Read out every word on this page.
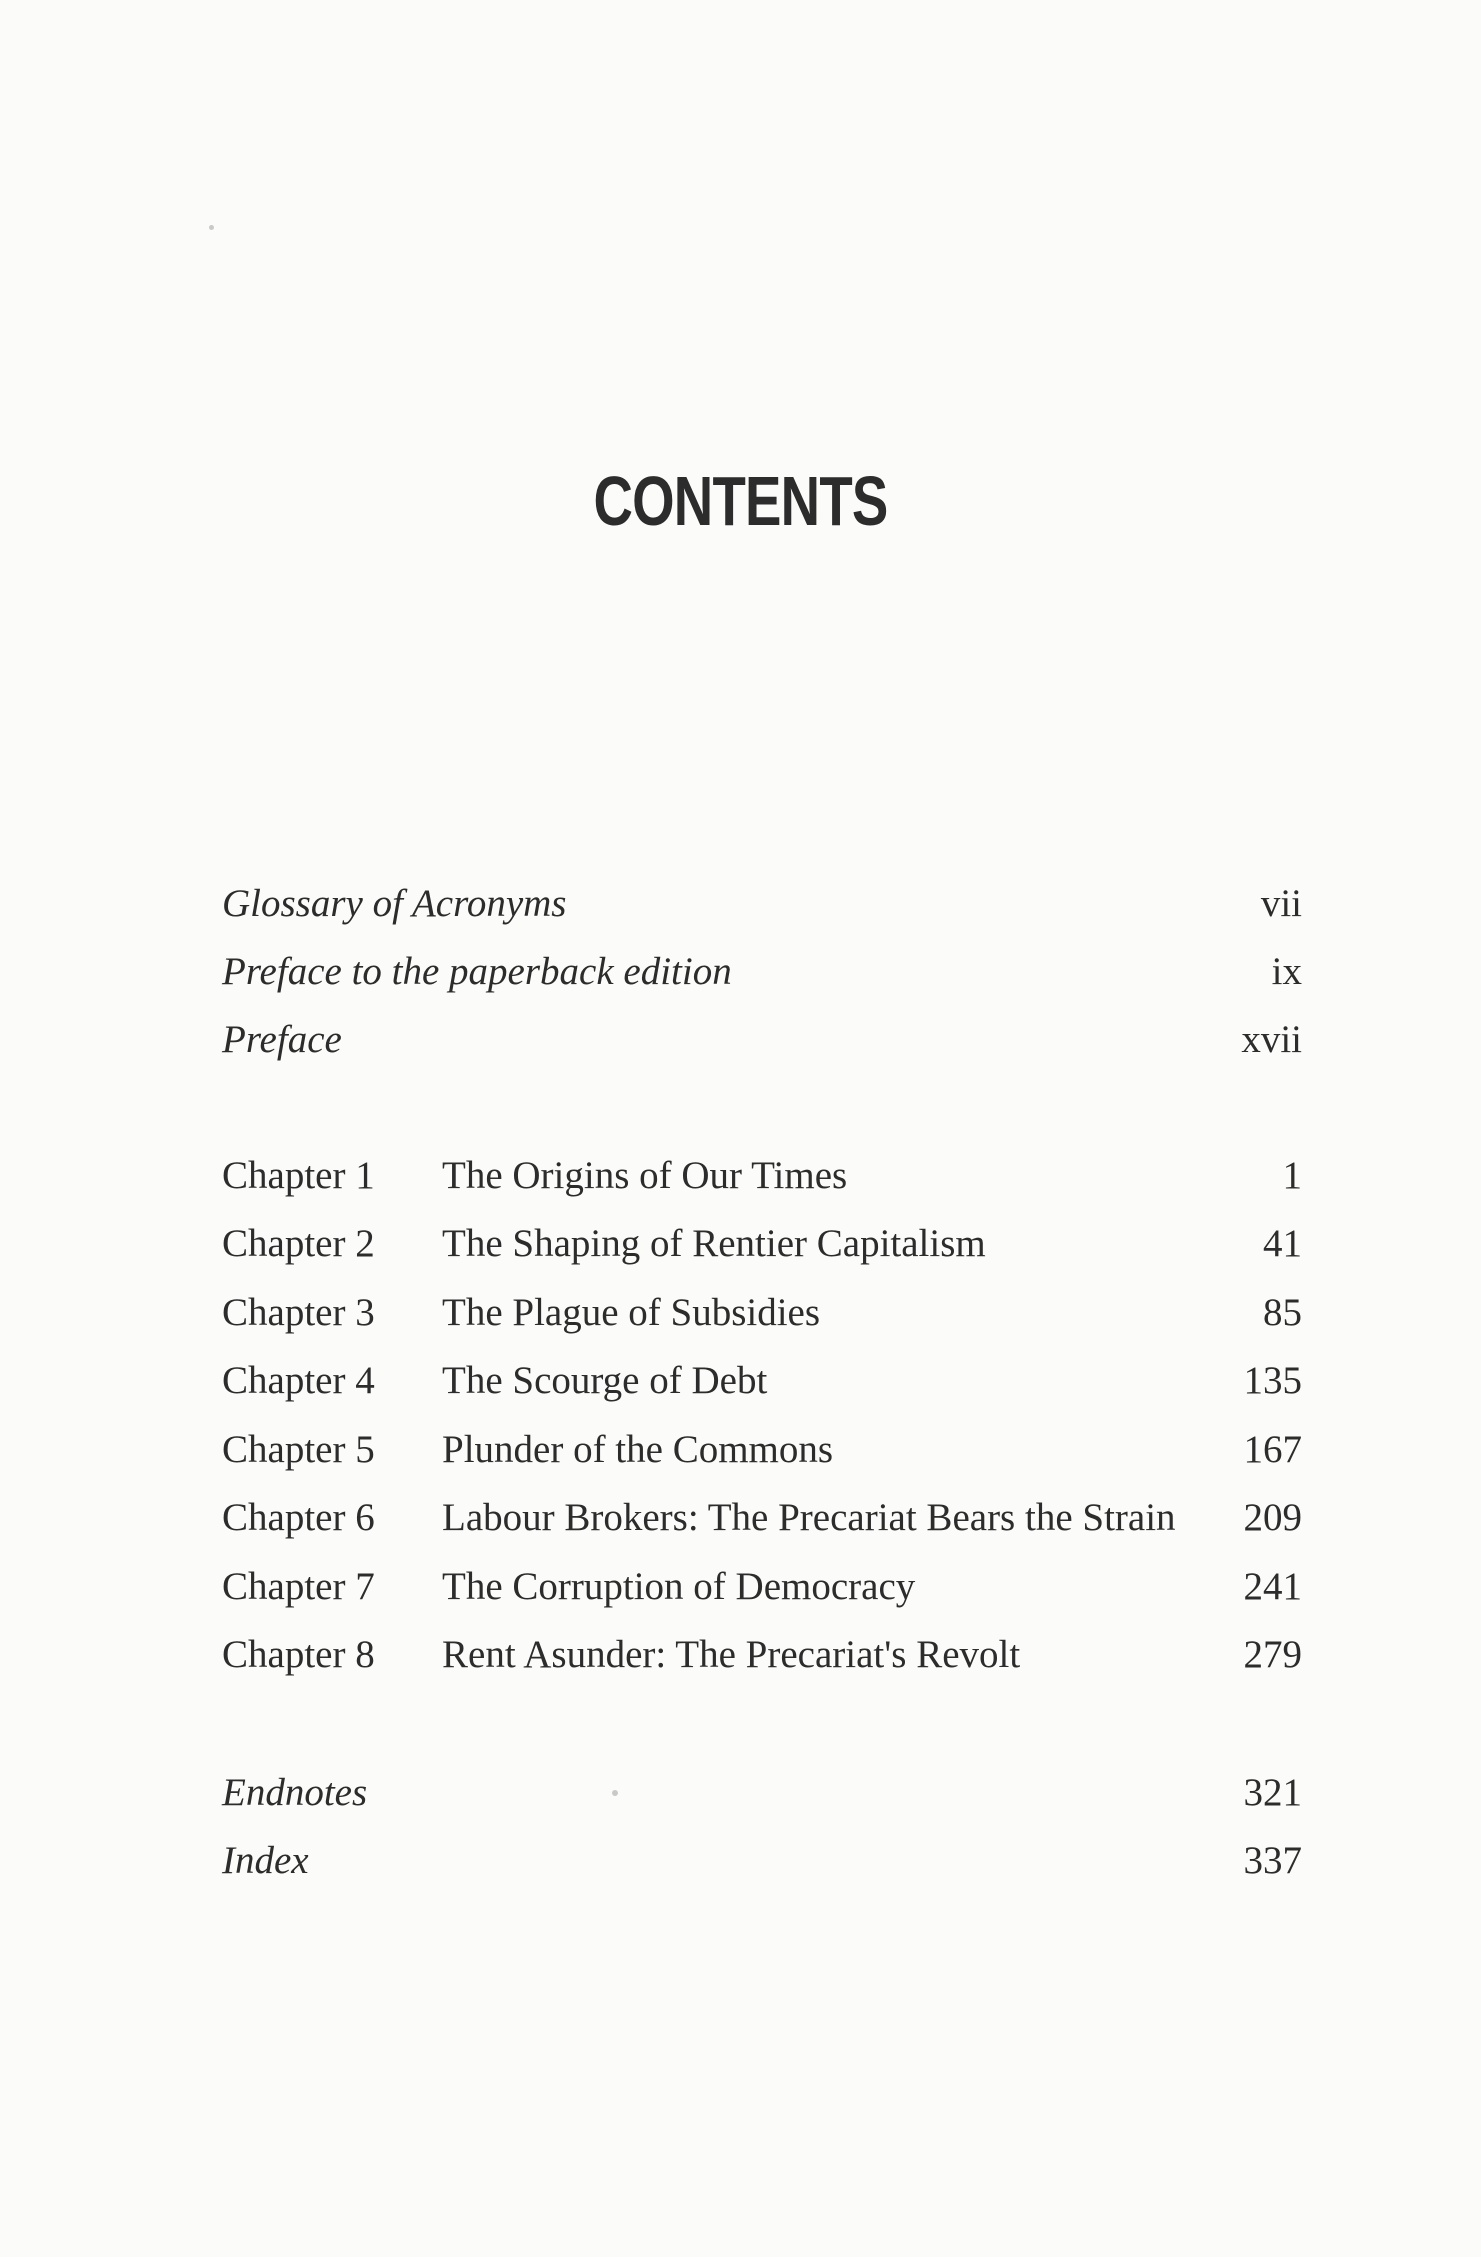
CONTENTS
Glossary of Acronyms	vii
Preface to the paperback edition	ix
Preface	xvii
Chapter 1 The Origins of Our Times	1
Chapter 2 The Shaping of Rentier Capitalism	41
Chapter 3 The Plague of Subsidies	85
Chapter 4 The Scourge of Debt	135
Chapter 5 Plunder of the Commons	167
Chapter 6 Labour Brokers: The Precariat Bears the Strain 209
Chapter 7 The Corruption of Democracy	241
Chapter 8 Rent Asunder: The Precariat's Revolt	279
Endnotes	321
Index	337
